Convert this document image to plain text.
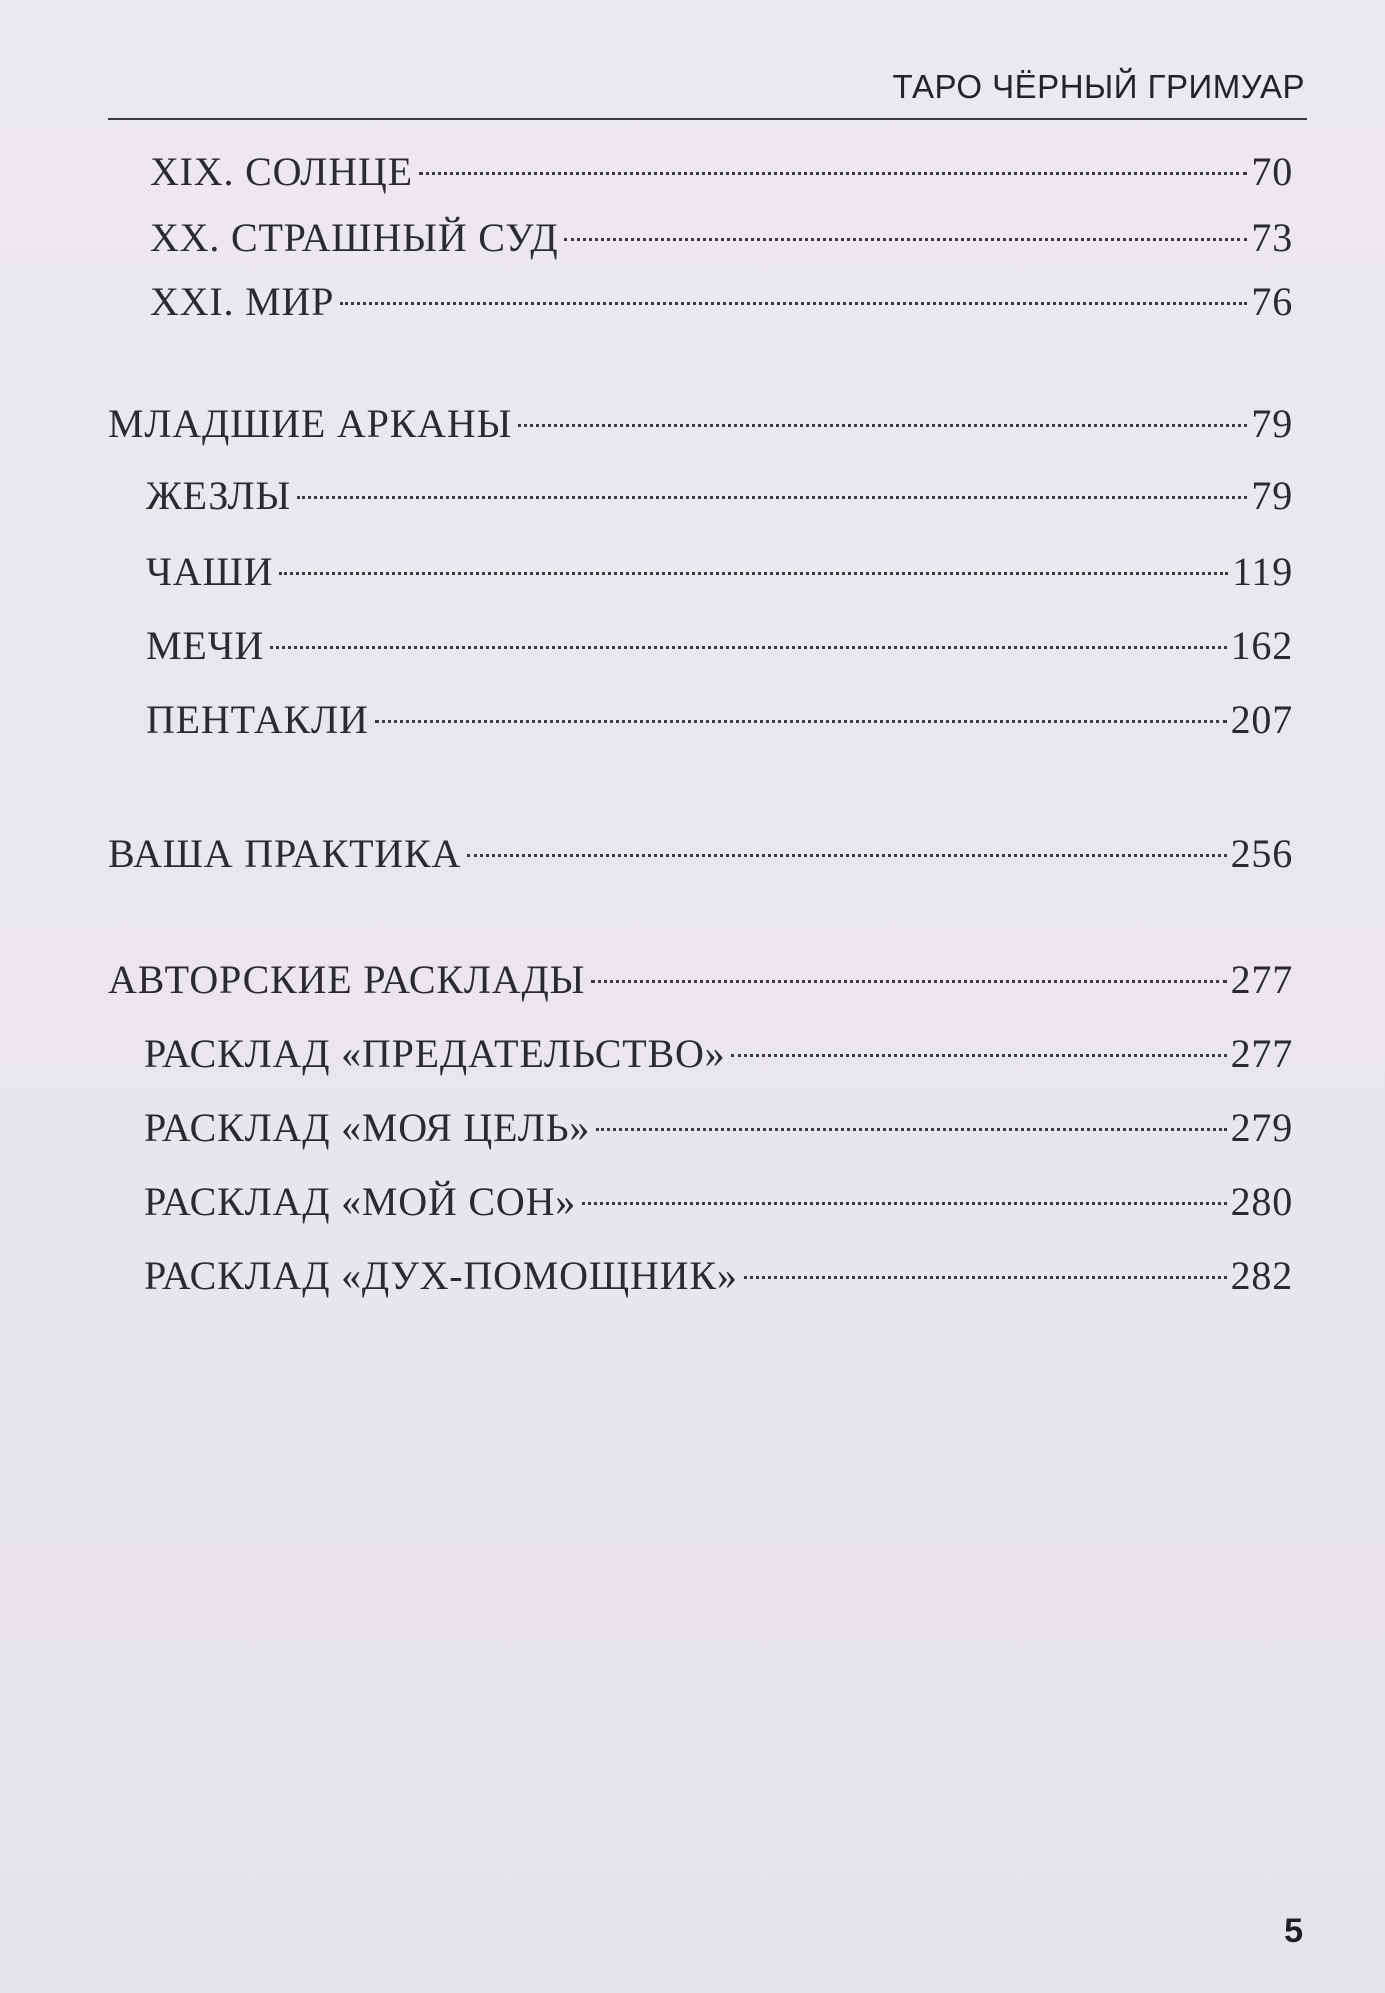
ТАРО ЧЁРНЫЙ ГРИМУАР
XIX. СОЛНЦЕ	70
XX. СТРАШНЫЙ СУД	73
XXI. МИР	76
МЛАДШИЕ АРКАНЫ	79
ЖЕЗЛЫ	79
ЧАШИ	119
МЕЧИ	162
ПЕНТАКЛИ	207
ВАША ПРАКТИКА	256
АВТОРСКИЕ РАСКЛАДЫ	277
РАСКЛАД «ПРЕДАТЕЛЬСТВО»	277
РАСКЛАД «МОЯ ЦЕЛЬ»	279
РАСКЛАД «МОЙ СОН»	280
РАСКЛАД «ДУХ-ПОМОЩНИК»	282
5
